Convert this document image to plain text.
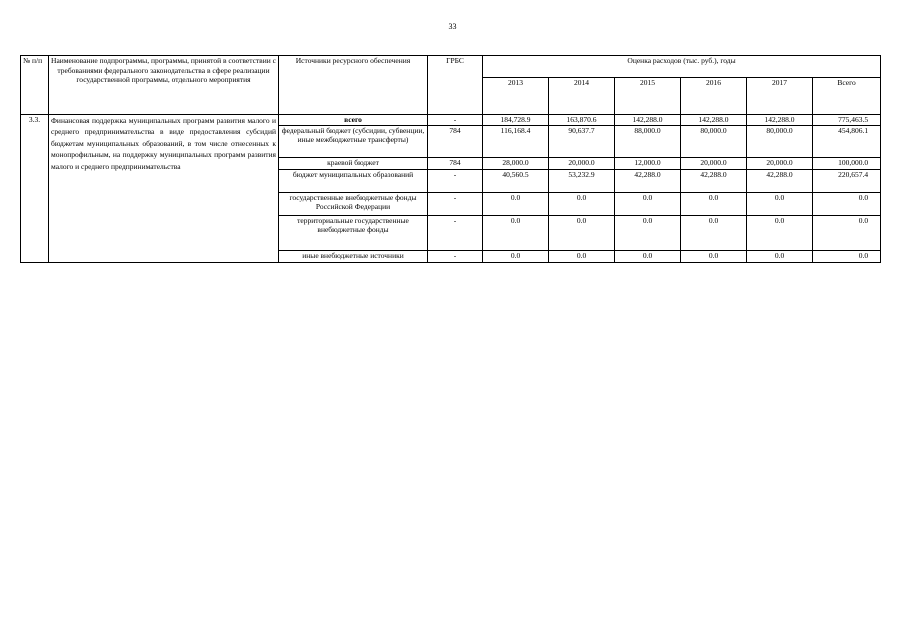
33
№ п/п	Наименование подпрограммы, программы, принятой в соответствии с требованиями федерального законодательства в сфере реализации государственной программы, отдельного мероприятия	Источники ресурсного обеспечения	ГРБС	Оценка расходов (тыс. руб.), годы					
				2013	2014	2015	2016	2017	Всего
3.3.	Финансовая поддержка муниципальных программ развития малого и среднего предпринимательства в виде предоставления субсидий бюджетам муниципальных образований, в том числе отнесенных к монопрофильным, на поддержку муниципальных программ развития малого и среднего предпринимательства	всего	-	184,728.9	163,870.6	142,288.0	142,288.0	142,288.0	775,463.5
		федеральный бюджет (субсидии, субвенции, иные межбюджетные трансферты)	784	116,168.4	90,637.7	88,000.0	80,000.0	80,000.0	454,806.1
		краевой бюджет	784	28,000.0	20,000.0	12,000.0	20,000.0	20,000.0	100,000.0
		бюджет муниципальных образований	-	40,560.5	53,232.9	42,288.0	42,288.0	42,288.0	220,657.4
		государственные внебюджетные фонды Российской Федерации	-	0.0	0.0	0.0	0.0	0.0	0.0
		территориальные государственные внебюджетные фонды	-	0.0	0.0	0.0	0.0	0.0	0.0
		иные внебюджетные источники	-	0.0	0.0	0.0	0.0	0.0	0.0
